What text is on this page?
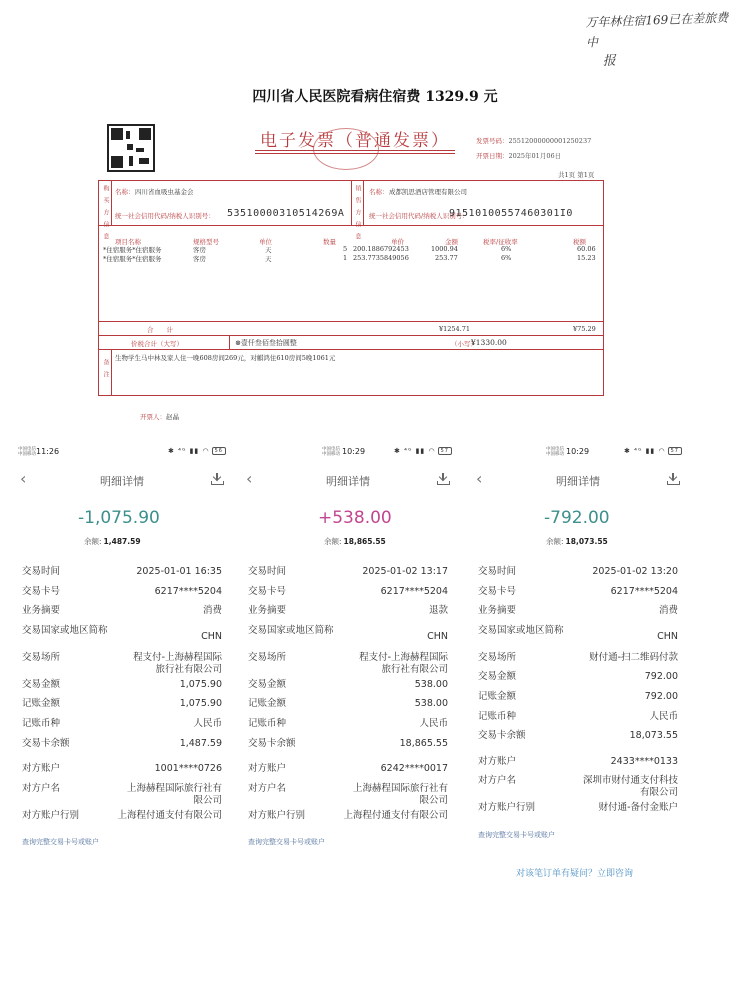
万年林住宿169已在差旅费中
报
四川省人民医院看病住宿费 1329.9 元
电子发票（普通发票）	发票号码：25512000000001250237
开票日期：2025年01月06日
共1页 第1页
购买方信息	销售方信息
名称： 四川省血吸虫基金会
统一社会信用代码/纳税人识别号： 53510000310514269A
名称： 成都凯思酒店管理有限公司
统一社会信用代码/纳税人识别号：
91510100557460301I0
项目名称	规格型号	单位	数量	单价	金额	税率/征收率	税额
*住宿服务*住宿服务	客房	天	5 200.1886792453	1000.94	6%	60.06
*住宿服务*住宿服务	客房	天	1 253.7735849056	253.77	6%	15.23
合　　计	¥1254.71	¥75.29
价税合计（大写）	⊗壹仟叁佰叁拾圆整	（小写）
¥1330.00
备注
生物学生马中林及家人住一晚608房间269元，对麒鸿住610房间5晚1061元
开票人：赵晶
中国电信
中国移动 11:26	✱ ⁴ᴳ ▮▮ ◠ 56
‹	明细详情
-1,075.90
余额: 1,487.59
交易时间	2025-01-01 16:35
交易卡号	6217****5204
业务摘要	消费
交易国家或地区简称
CHN
交易场所	程支付-上海赫程国际旅行社有限公司
交易金额	1,075.90
记账金额	1,075.90
记账币种	人民币
交易卡余额	1,487.59
对方账户	1001****0726
对方户名	上海赫程国际旅行社有限公司
对方账户行别	上海程付通支付有限公司
查询完整交易卡号或账户
中国电信
中国移动 10:29	✱ ⁴ᴳ ▮▮ ◠ 57
‹	明细详情
+538.00
余额: 18,865.55
交易时间	2025-01-02 13:17
交易卡号	6217****5204
业务摘要	退款
交易国家或地区简称
CHN
交易场所	程支付-上海赫程国际旅行社有限公司
交易金额	538.00
记账金额	538.00
记账币种	人民币
交易卡余额	18,865.55
对方账户	6242****0017
对方户名	上海赫程国际旅行社有限公司
对方账户行别	上海程付通支付有限公司
查询完整交易卡号或账户
中国电信
中国移动 10:29	✱ ⁴ᴳ ▮▮ ◠ 57
‹	明细详情
-792.00
余额: 18,073.55
交易时间	2025-01-02 13:20
交易卡号	6217****5204
业务摘要	消费
交易国家或地区简称
CHN
交易场所	财付通-扫二维码付款
交易金额	792.00
记账金额	792.00
记账币种	人民币
交易卡余额	18,073.55
对方账户	2433****0133
对方户名	深圳市财付通支付科技有限公司
对方账户行别	财付通-备付金账户
查询完整交易卡号或账户
对该笔订单有疑问？立即咨询
